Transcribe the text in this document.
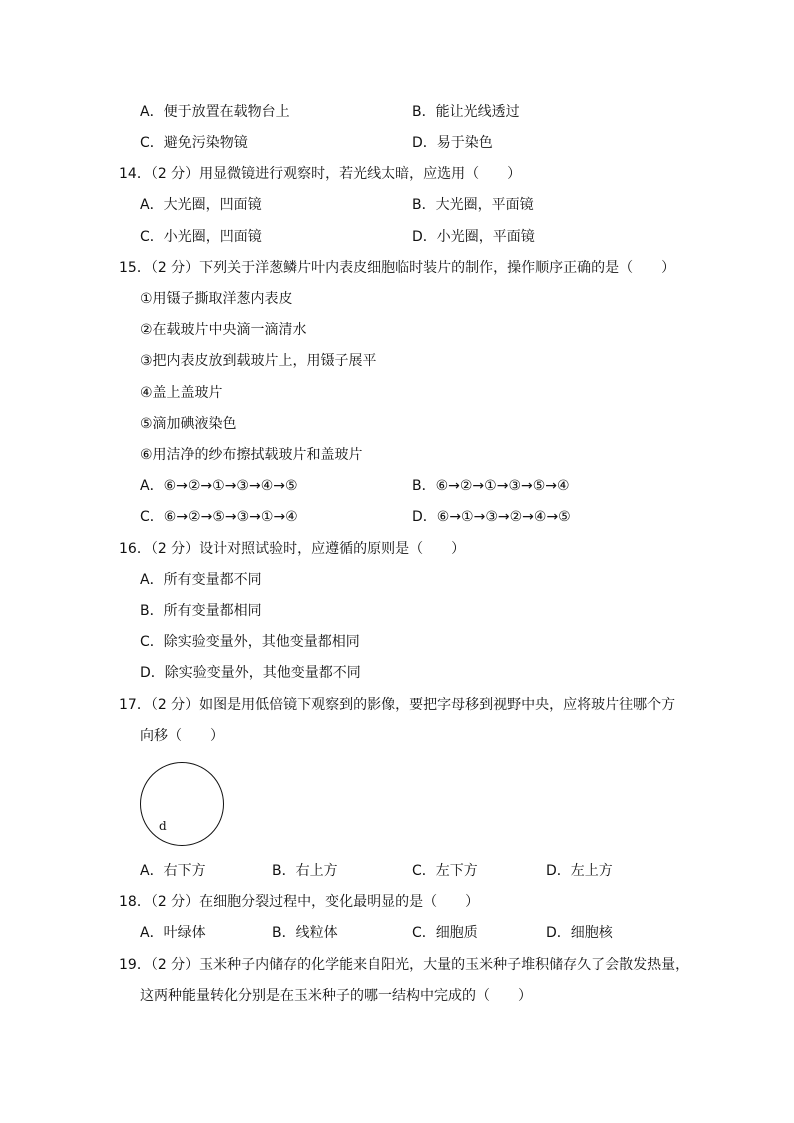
A．便于放置在载物台上	B．能让光线透过
C．避免污染物镜	D．易于染色
14．（2 分）用显微镜进行观察时，若光线太暗，应选用（　　）
A．大光圈，凹面镜	B．大光圈，平面镜
C．小光圈，凹面镜	D．小光圈，平面镜
15．（2 分）下列关于洋葱鳞片叶内表皮细胞临时装片的制作，操作顺序正确的是（　　）
①用镊子撕取洋葱内表皮
②在载玻片中央滴一滴清水
③把内表皮放到载玻片上，用镊子展平
④盖上盖玻片
⑤滴加碘液染色
⑥用洁净的纱布擦拭载玻片和盖玻片
A．⑥→②→①→③→④→⑤	B．⑥→②→①→③→⑤→④
C．⑥→②→⑤→③→①→④	D．⑥→①→③→②→④→⑤
16．（2 分）设计对照试验时，应遵循的原则是（　　）
A．所有变量都不同
B．所有变量都相同
C．除实验变量外，其他变量都相同
D．除实验变量外，其他变量都不同
17．（2 分）如图是用低倍镜下观察到的影像，要把字母移到视野中央，应将玻片往哪个方
向移（　　）
d
A．右下方	B．右上方	C．左下方	D．左上方
18．（2 分）在细胞分裂过程中，变化最明显的是（　　）
A．叶绿体	B．线粒体	C．细胞质	D．细胞核
19．（2 分）玉米种子内储存的化学能来自阳光，大量的玉米种子堆积储存久了会散发热量，
这两种能量转化分别是在玉米种子的哪一结构中完成的（　　）
